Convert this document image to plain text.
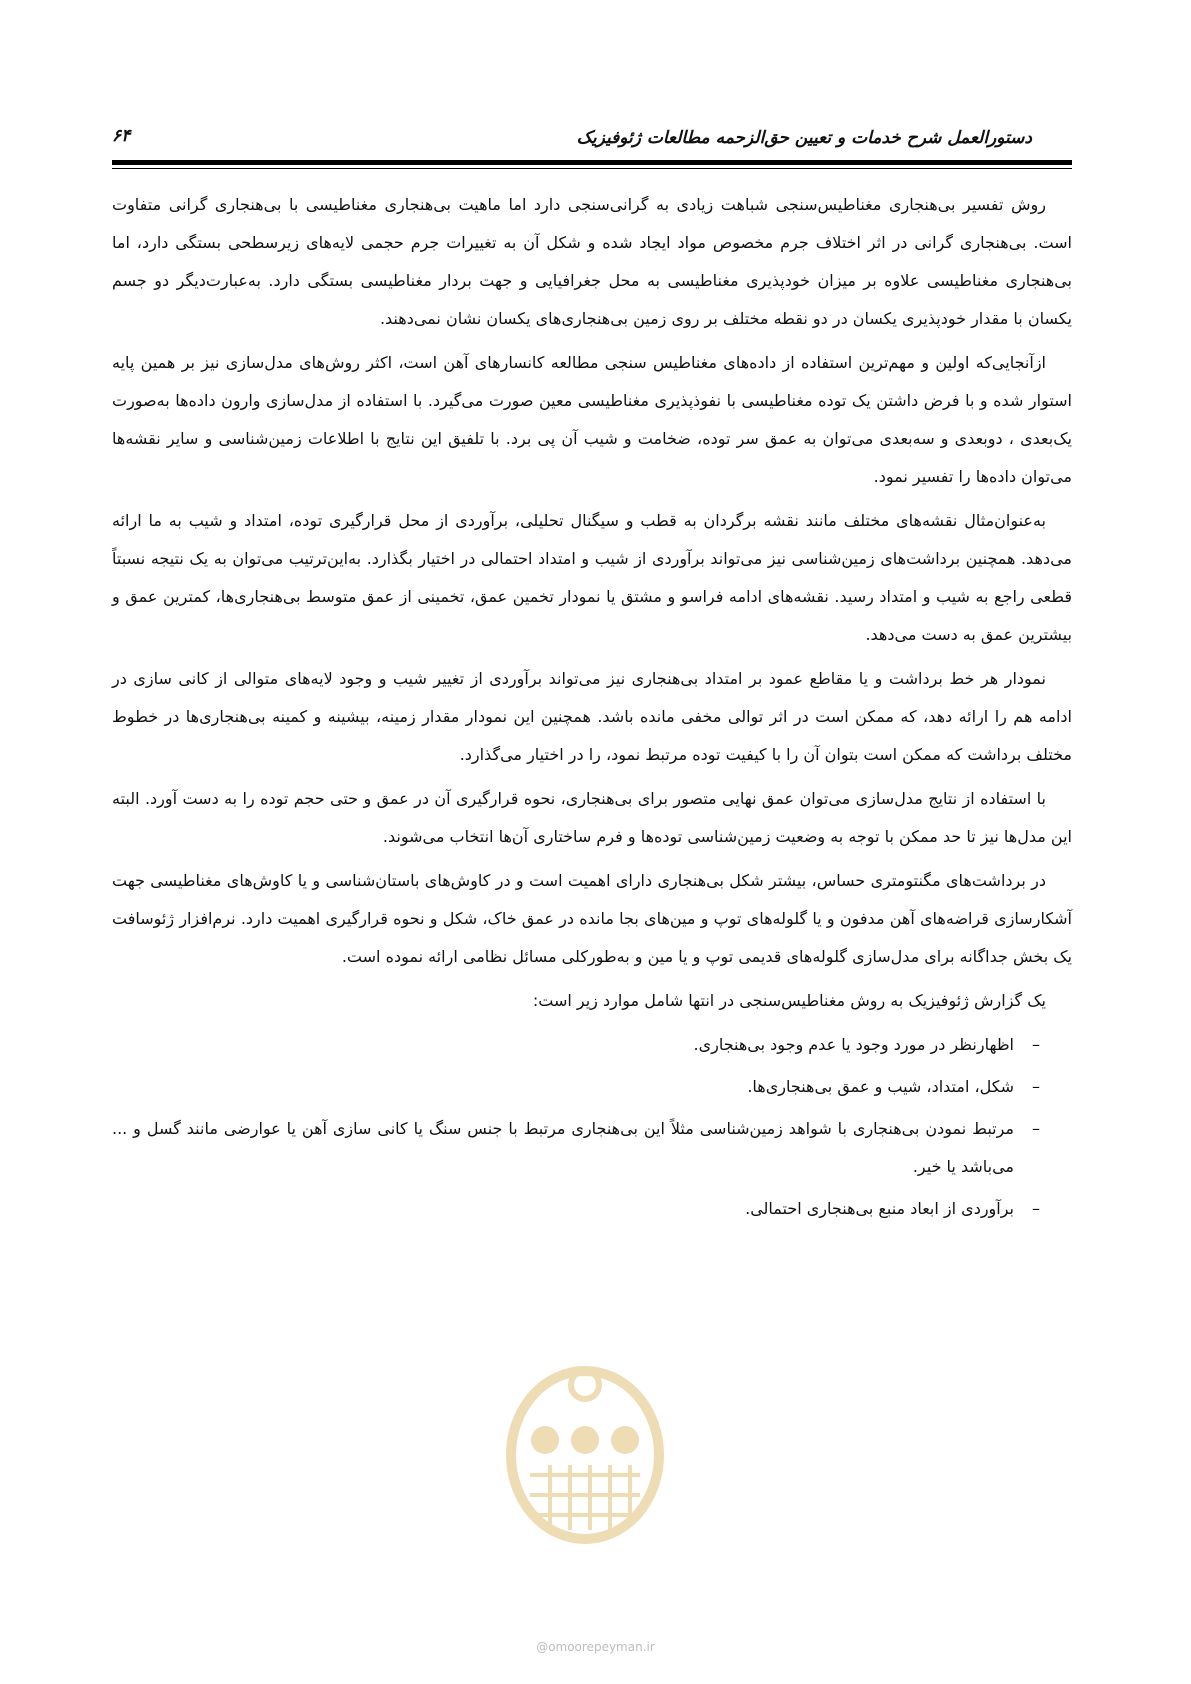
دستورالعمل شرح خدمات و تعیین حق‌الزحمه مطالعات ژئوفیزیک
۶۴

روش تفسیر بی‌هنجاری مغناطیس‌سنجی شباهت زیادی به گرانی‌سنجی دارد اما ماهیت بی‌هنجاری مغناطیسی با بی‌هنجاری گرانی متفاوت است. بی‌هنجاری گرانی در اثر اختلاف جرم مخصوص مواد ایجاد شده و شکل آن به تغییرات جرم حجمی لایه‌های زیرسطحی بستگی دارد، اما بی‌هنجاری مغناطیسی علاوه بر میزان خودپذیری مغناطیسی به محل جغرافیایی و جهت بردار مغناطیسی بستگی دارد. به‌عبارت‌دیگر دو جسم یکسان با مقدار خودپذیری یکسان در دو نقطه مختلف بر روی زمین بی‌هنجاری‌های یکسان نشان نمی‌دهند.

ازآنجایی‌که اولین و مهم‌ترین استفاده از داده‌های مغناطیس سنجی مطالعه کانسارهای آهن است، اکثر روش‌های مدل‌سازی نیز بر همین پایه استوار شده و با فرض داشتن یک توده مغناطیسی با نفوذپذیری مغناطیسی معین صورت می‌گیرد. با استفاده از مدل‌سازی وارون داده‌ها به‌صورت یک‌بعدی ، دوبعدی و سه‌بعدی می‌توان به عمق سر توده، ضخامت و شیب آن پی برد. با تلفیق این نتایج با اطلاعات زمین‌شناسی و سایر نقشه‌ها می‌توان داده‌ها را تفسیر نمود.

به‌عنوان‌مثال نقشه‌های مختلف مانند نقشه برگردان به قطب و سیگنال تحلیلی، برآوردی از محل قرارگیری توده، امتداد و شیب به ما ارائه می‌دهد. همچنین برداشت‌های زمین‌شناسی نیز می‌تواند برآوردی از شیب و امتداد احتمالی در اختیار بگذارد. به‌این‌ترتیب می‌توان به یک نتیجه نسبتاً قطعی راجع به شیب و امتداد رسید. نقشه‌های ادامه فراسو و مشتق یا نمودار تخمین عمق، تخمینی از عمق متوسط بی‌هنجاری‌ها، کمترین عمق و بیشترین عمق به دست می‌دهد.

نمودار هر خط برداشت و یا مقاطع عمود بر امتداد بی‌هنجاری نیز می‌تواند برآوردی از تغییر شیب و وجود لایه‌های متوالی از کانی سازی در ادامه هم را ارائه دهد، که ممکن است در اثر توالی مخفی مانده باشد. همچنین این نمودار مقدار زمینه، بیشینه و کمینه بی‌هنجاری‌ها در خطوط مختلف برداشت که ممکن است بتوان آن را با کیفیت توده مرتبط نمود، را در اختیار می‌گذارد.

با استفاده از نتایج مدل‌سازی می‌توان عمق نهایی متصور برای بی‌هنجاری، نحوه قرارگیری آن در عمق و حتی حجم توده را به دست آورد. البته این مدل‌ها نیز تا حد ممکن با توجه به وضعیت زمین‌شناسی توده‌ها و فرم ساختاری آن‌ها انتخاب می‌شوند.

در برداشت‌های مگنتومتری حساس، بیشتر شکل بی‌هنجاری دارای اهمیت است و در کاوش‌های باستان‌شناسی و یا کاوش‌های مغناطیسی جهت آشکارسازی قراضه‌های آهن مدفون و یا گلوله‌های توپ و مین‌های بجا مانده در عمق خاک، شکل و نحوه قرارگیری اهمیت دارد. نرم‌افزار ژئوسافت یک بخش جداگانه برای مدل‌سازی گلوله‌های قدیمی توپ و یا مین و به‌طورکلی مسائل نظامی ارائه نموده است.

یک گزارش ژئوفیزیک به روش مغناطیس‌سنجی در انتها شامل موارد زیر است:

–
اظهارنظر در مورد وجود یا عدم وجود بی‌هنجاری.
–
شکل، امتداد، شیب و عمق بی‌هنجاری‌ها.
–
مرتبط نمودن بی‌هنجاری با شواهد زمین‌شناسی مثلاً این بی‌هنجاری مرتبط با جنس سنگ یا کانی سازی آهن یا عوارضی مانند گسل و ... می‌باشد یا خیر.
–
برآوردی از ابعاد منبع بی‌هنجاری احتمالی.
@omoorepeyman.ir
